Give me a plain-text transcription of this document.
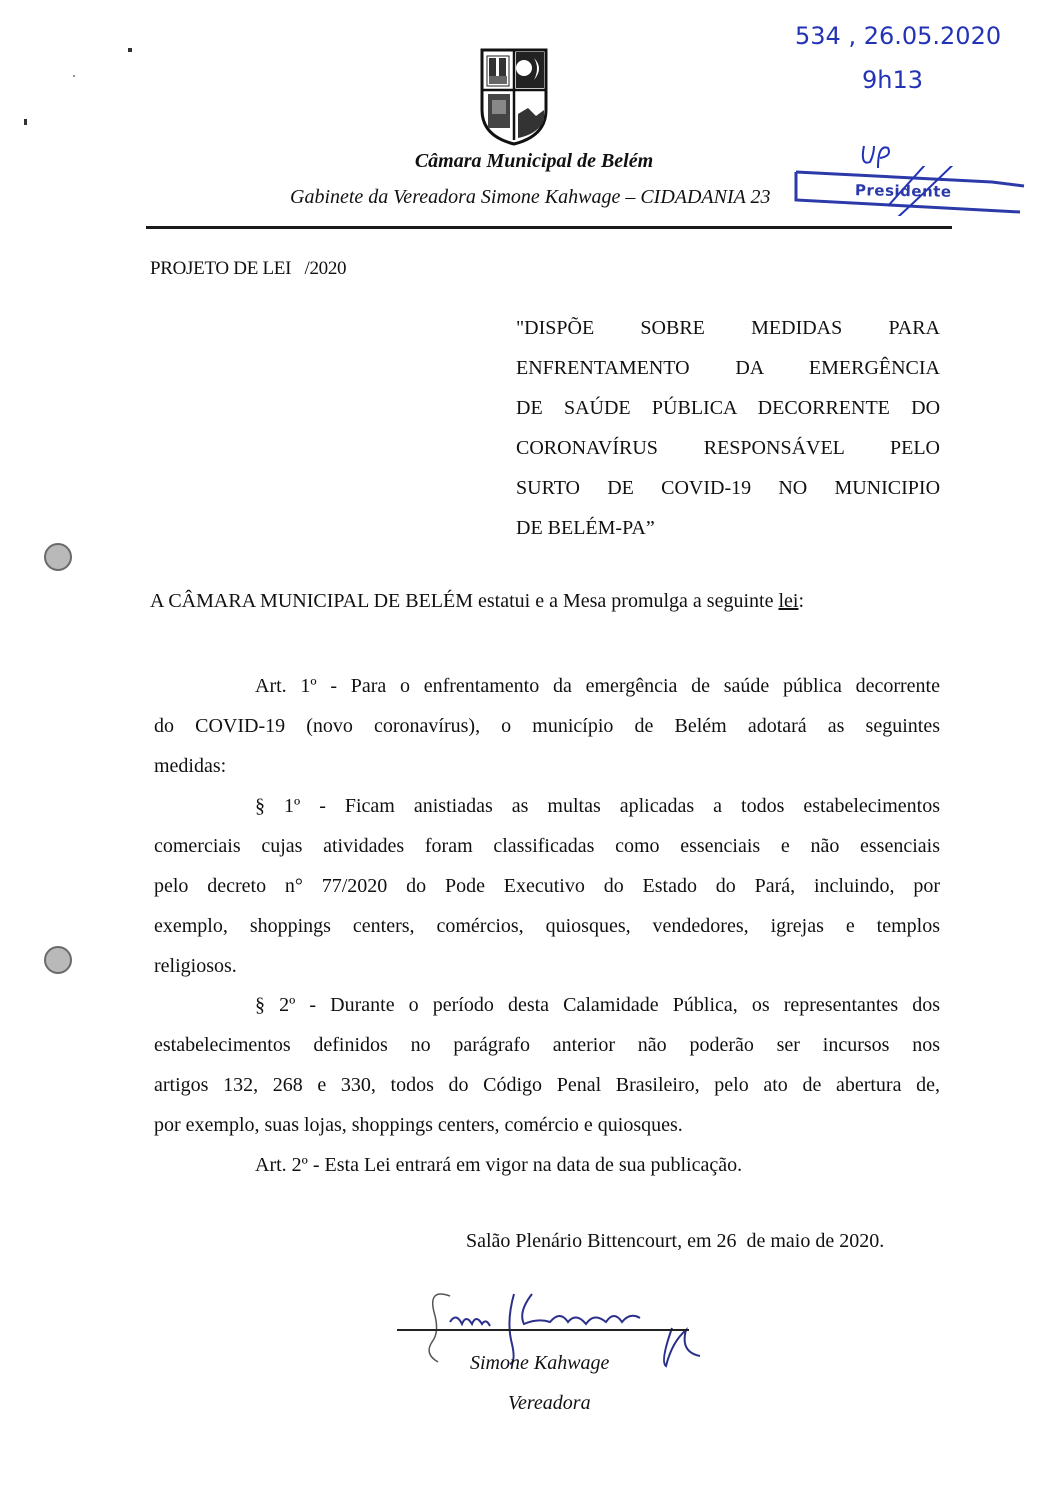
Câmara Municipal de Belém
Gabinete da Vereadora Simone Kahwage – CIDADANIA 23
534 , 26.05.2020
9h13
Presidente
PROJETO DE LEI   /2020
"DISPÕE SOBRE MEDIDAS PARA
ENFRENTAMENTO DA EMERGÊNCIA
DE SAÚDE PÚBLICA DECORRENTE DO
CORONAVÍRUS RESPONSÁVEL PELO
SURTO DE COVID-19 NO MUNICIPIO
DE BELÉM-PA”
A CÂMARA MUNICIPAL DE BELÉM estatui e a Mesa promulga a seguinte lei:
Art. 1º - Para o enfrentamento da emergência de saúde pública decorrente
do COVID-19 (novo coronavírus), o município de Belém adotará as seguintes
medidas:
§ 1º - Ficam anistiadas as multas aplicadas a todos estabelecimentos
comerciais cujas atividades foram classificadas como essenciais e não essenciais
pelo decreto n° 77/2020 do Pode Executivo do Estado do Pará, incluindo, por
exemplo, shoppings centers, comércios, quiosques, vendedores, igrejas e templos
religiosos.
§ 2º - Durante o período desta Calamidade Pública, os representantes dos
estabelecimentos definidos no parágrafo anterior não poderão ser incursos nos
artigos 132, 268 e 330, todos do Código Penal Brasileiro, pelo ato de abertura de,
por exemplo, suas lojas, shoppings centers, comércio e quiosques.
Art. 2º - Esta Lei entrará em vigor na data de sua publicação.
Salão Plenário Bittencourt, em 26  de maio de 2020.
Simone Kahwage
Vereadora
